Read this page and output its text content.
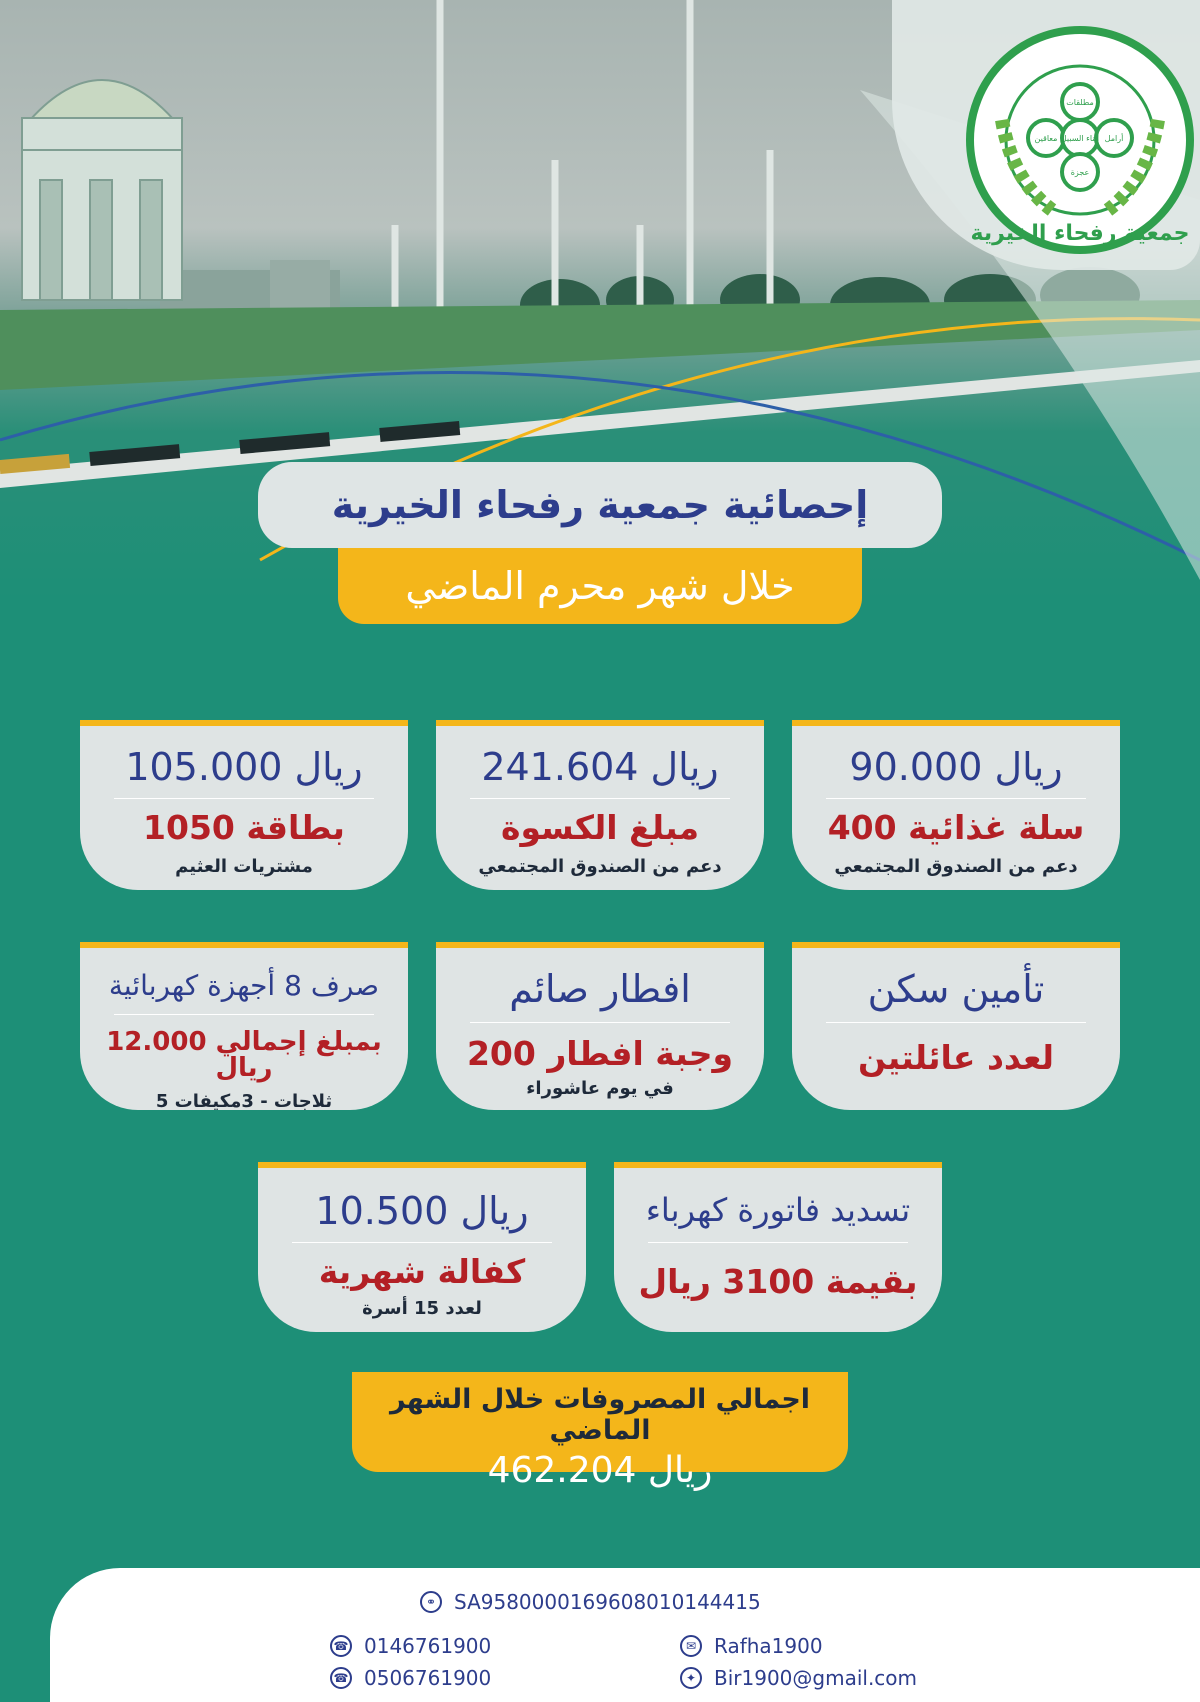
مطلقات
أرامل
أبناء السبيل
معاقين
عجزة
جمعية رفحاء الخيرية
إحصائية جمعية رفحاء الخيرية
خلال شهر محرم الماضي
90.000 ريال
400 سلة غذائية
دعم من الصندوق المجتمعي
241.604 ريال
مبلغ الكسوة
دعم من الصندوق المجتمعي
105.000 ريال
1050 بطاقة
مشتريات العثيم
تأمين سكن
لعدد عائلتين
افطار صائم
200 وجبة افطار
في يوم عاشوراء
صرف 8 أجهزة كهربائية
بمبلغ إجمالي 12.000 ريال
5 ثلاجات - 3مكيفات
تسديد فاتورة كهرباء
بقيمة 3100 ريال
10.500 ريال
كفالة شهرية
لعدد 15 أسرة
اجمالي المصروفات خلال الشهر الماضي
462.204 ريال
⚭ SA9580000169608010144415
☎ 0146761900
☎ 0506761900
✉ Rafha1900
✦ Bir1900@gmail.com
